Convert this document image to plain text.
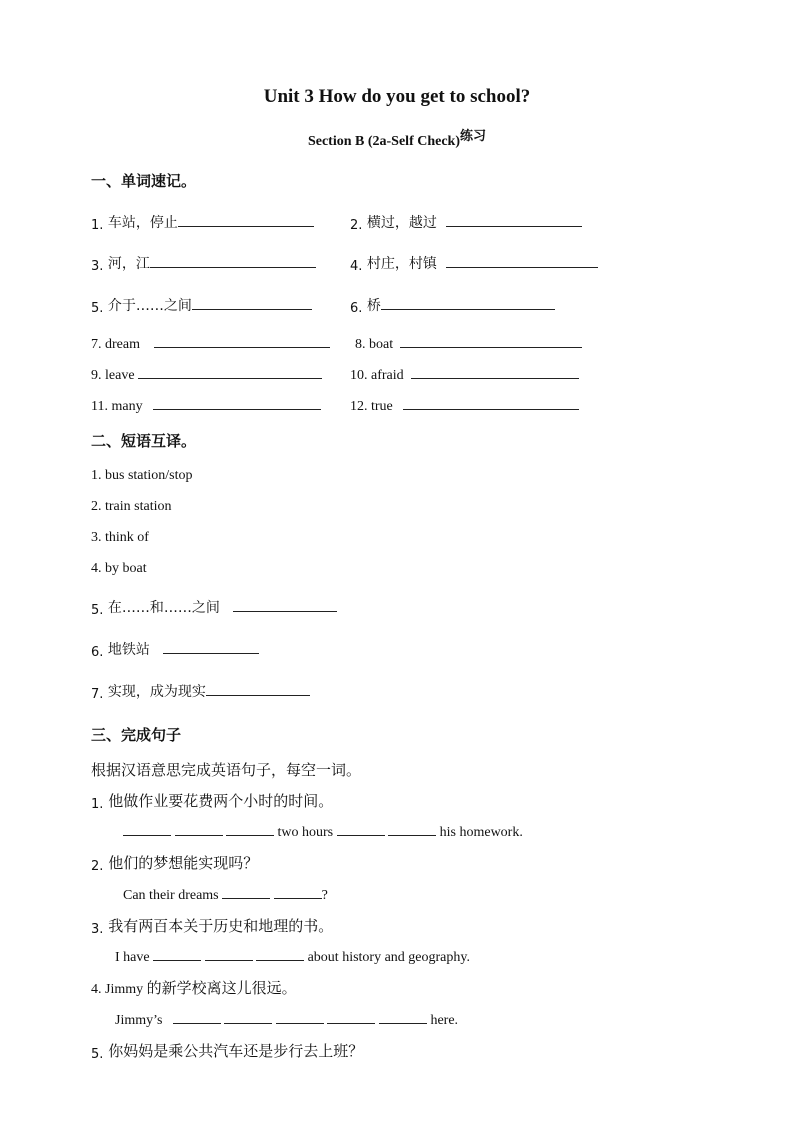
Unit 3 How do you get to school?
Section B (2a-Self Check)练习
一、单词速记。
1. 车站，停止	2. 横过，越过
3. 河，江	4. 村庄，村镇
5. 介于……之间	6. 桥
7. dream	8. boat
9. leave	10. afraid
11. many	12. true
二、短语互译。
1. bus station/stop
2. train station
3. think of
4. by boat
5. 在……和……之间
6. 地铁站
7. 实现，成为现实
三、完成句子
根据汉语意思完成英语句子，每空一词。
1. 他做作业要花费两个小时的时间。
two hours	his homework.
2. 他们的梦想能实现吗？
Can their dreams	?
3. 我有两百本关于历史和地理的书。
I have	about history and geography.
4. Jimmy 的新学校离这儿很远。
Jimmy’s	here.
5. 你妈妈是乘公共汽车还是步行去上班？
